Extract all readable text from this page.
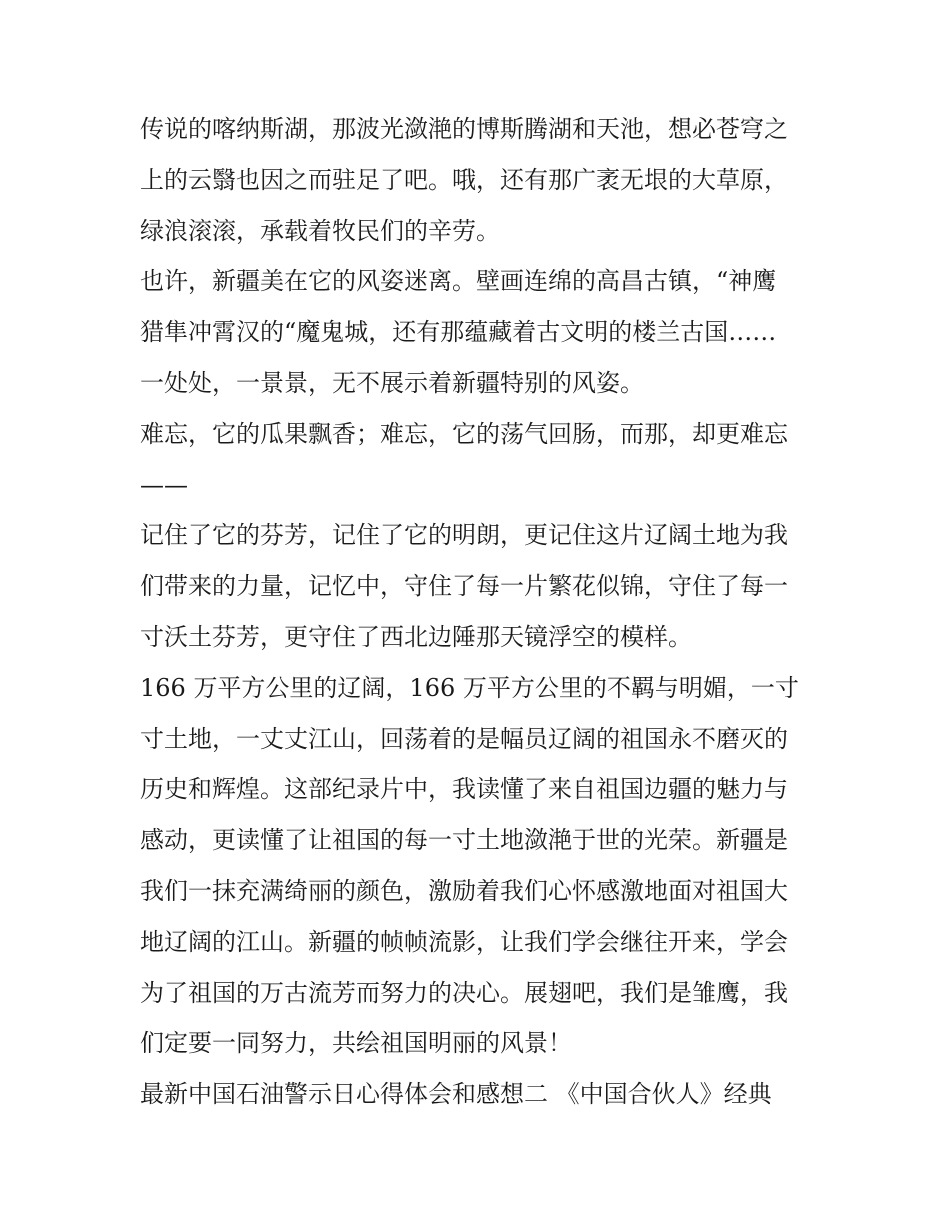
传说的喀纳斯湖，那波光潋滟的博斯腾湖和天池，想必苍穹之
上的云翳也因之而驻足了吧。哦，还有那广袤无垠的大草原，
绿浪滚滚，承载着牧民们的辛劳。
也许，新疆美在它的风姿迷离。壁画连绵的高昌古镇，“神鹰
猎隼冲霄汉的“魔鬼城，还有那蕴藏着古文明的楼兰古国……
一处处，一景景，无不展示着新疆特别的风姿。
难忘，它的瓜果飘香；难忘，它的荡气回肠，而那，却更难忘
——
记住了它的芬芳，记住了它的明朗，更记住这片辽阔土地为我
们带来的力量，记忆中，守住了每一片繁花似锦，守住了每一
寸沃土芬芳，更守住了西北边陲那天镜浮空的模样。
166 万平方公里的辽阔，166 万平方公里的不羁与明媚，一寸
寸土地，一丈丈江山，回荡着的是幅员辽阔的祖国永不磨灭的
历史和辉煌。这部纪录片中，我读懂了来自祖国边疆的魅力与
感动，更读懂了让祖国的每一寸土地潋滟于世的光荣。新疆是
我们一抹充满绮丽的颜色，激励着我们心怀感激地面对祖国大
地辽阔的江山。新疆的帧帧流影，让我们学会继往开来，学会
为了祖国的万古流芳而努力的决心。展翅吧，我们是雏鹰，我
们定要一同努力，共绘祖国明丽的风景！
最新中国石油警示日心得体会和感想二 《中国合伙人》经典
